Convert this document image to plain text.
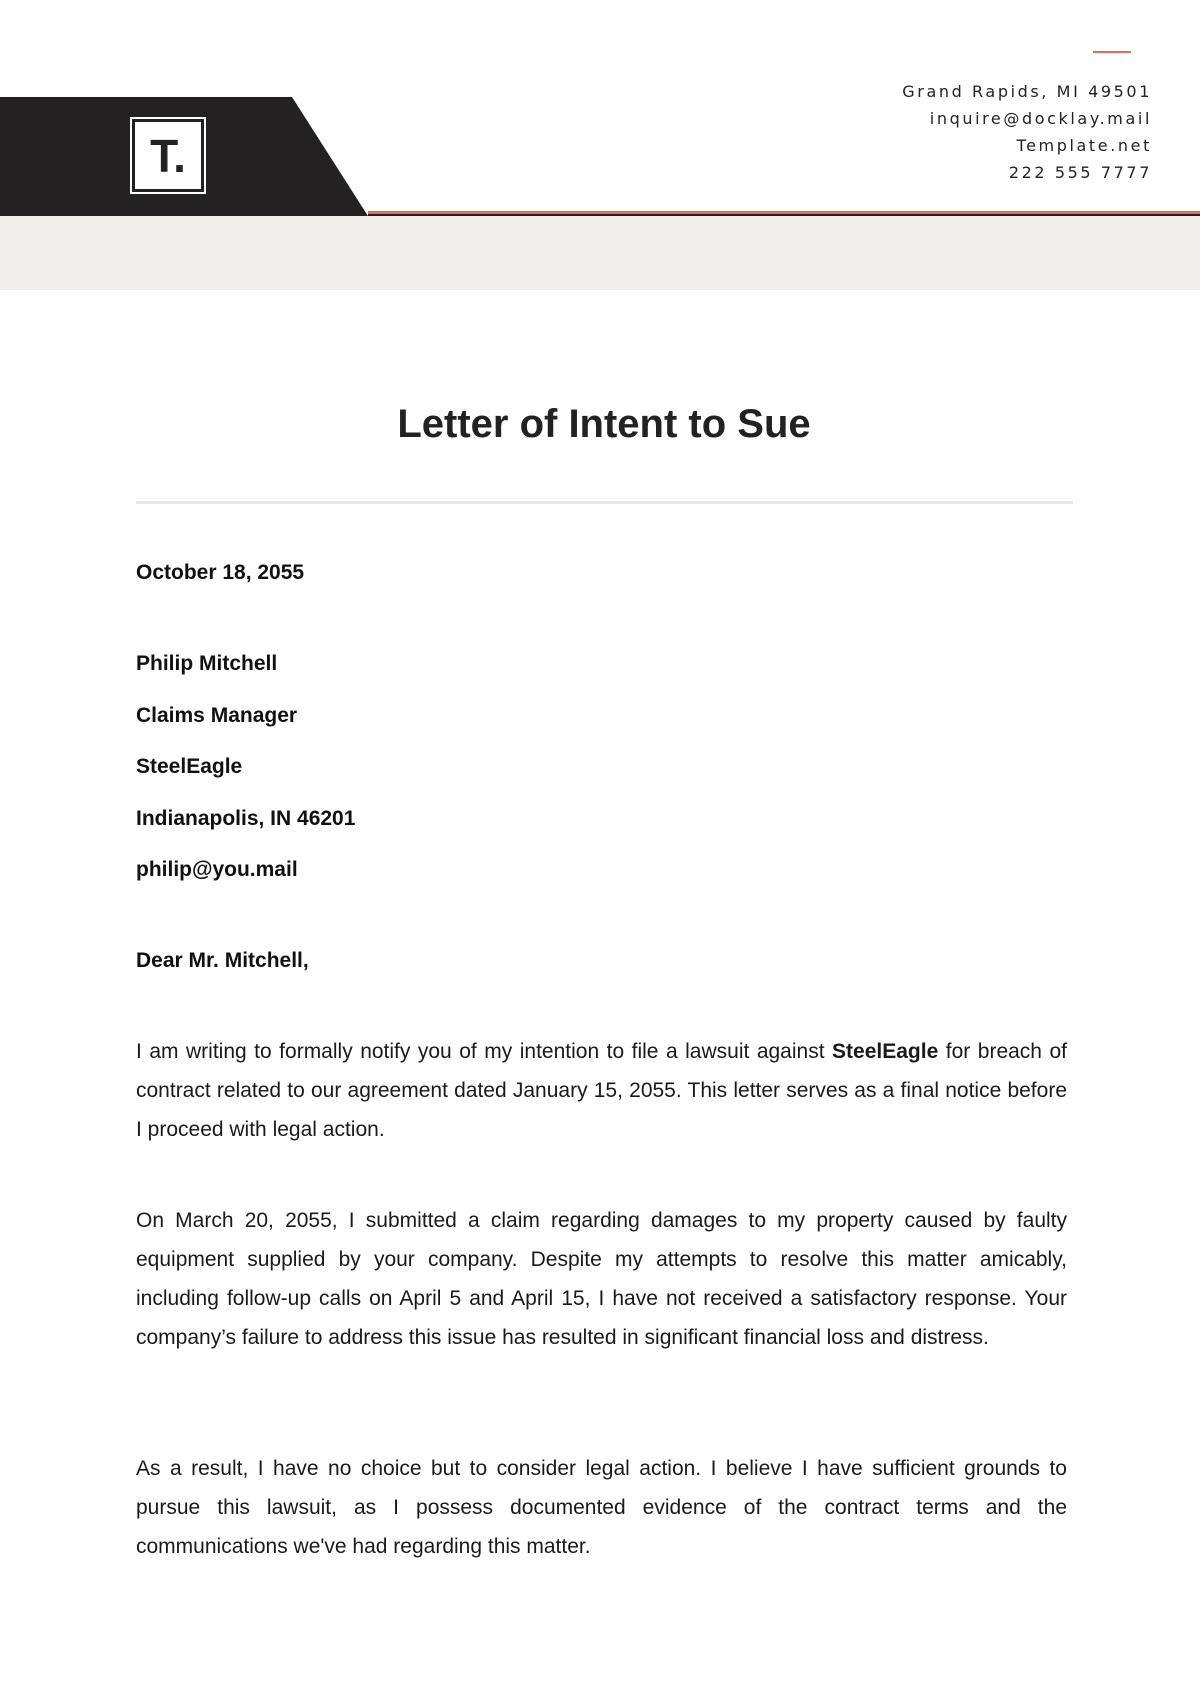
Grand Rapids, MI 49501
inquire@docklay.mail
Template.net
222 555 7777
T.
Letter of Intent to Sue
October 18, 2055
Philip Mitchell
Claims Manager
SteelEagle
Indianapolis, IN 46201
philip@you.mail
Dear Mr. Mitchell,
I am writing to formally notify you of my intention to file a lawsuit against SteelEagle for breach of contract related to our agreement dated January 15, 2055. This letter serves as a final notice before I proceed with legal action.
On March 20, 2055, I submitted a claim regarding damages to my property caused by faulty equipment supplied by your company. Despite my attempts to resolve this matter amicably, including follow-up calls on April 5 and April 15, I have not received a satisfactory response. Your company’s failure to address this issue has resulted in significant financial loss and distress.
As a result, I have no choice but to consider legal action. I believe I have sufficient grounds to pursue this lawsuit, as I possess documented evidence of the contract terms and the communications we've had regarding this matter.
